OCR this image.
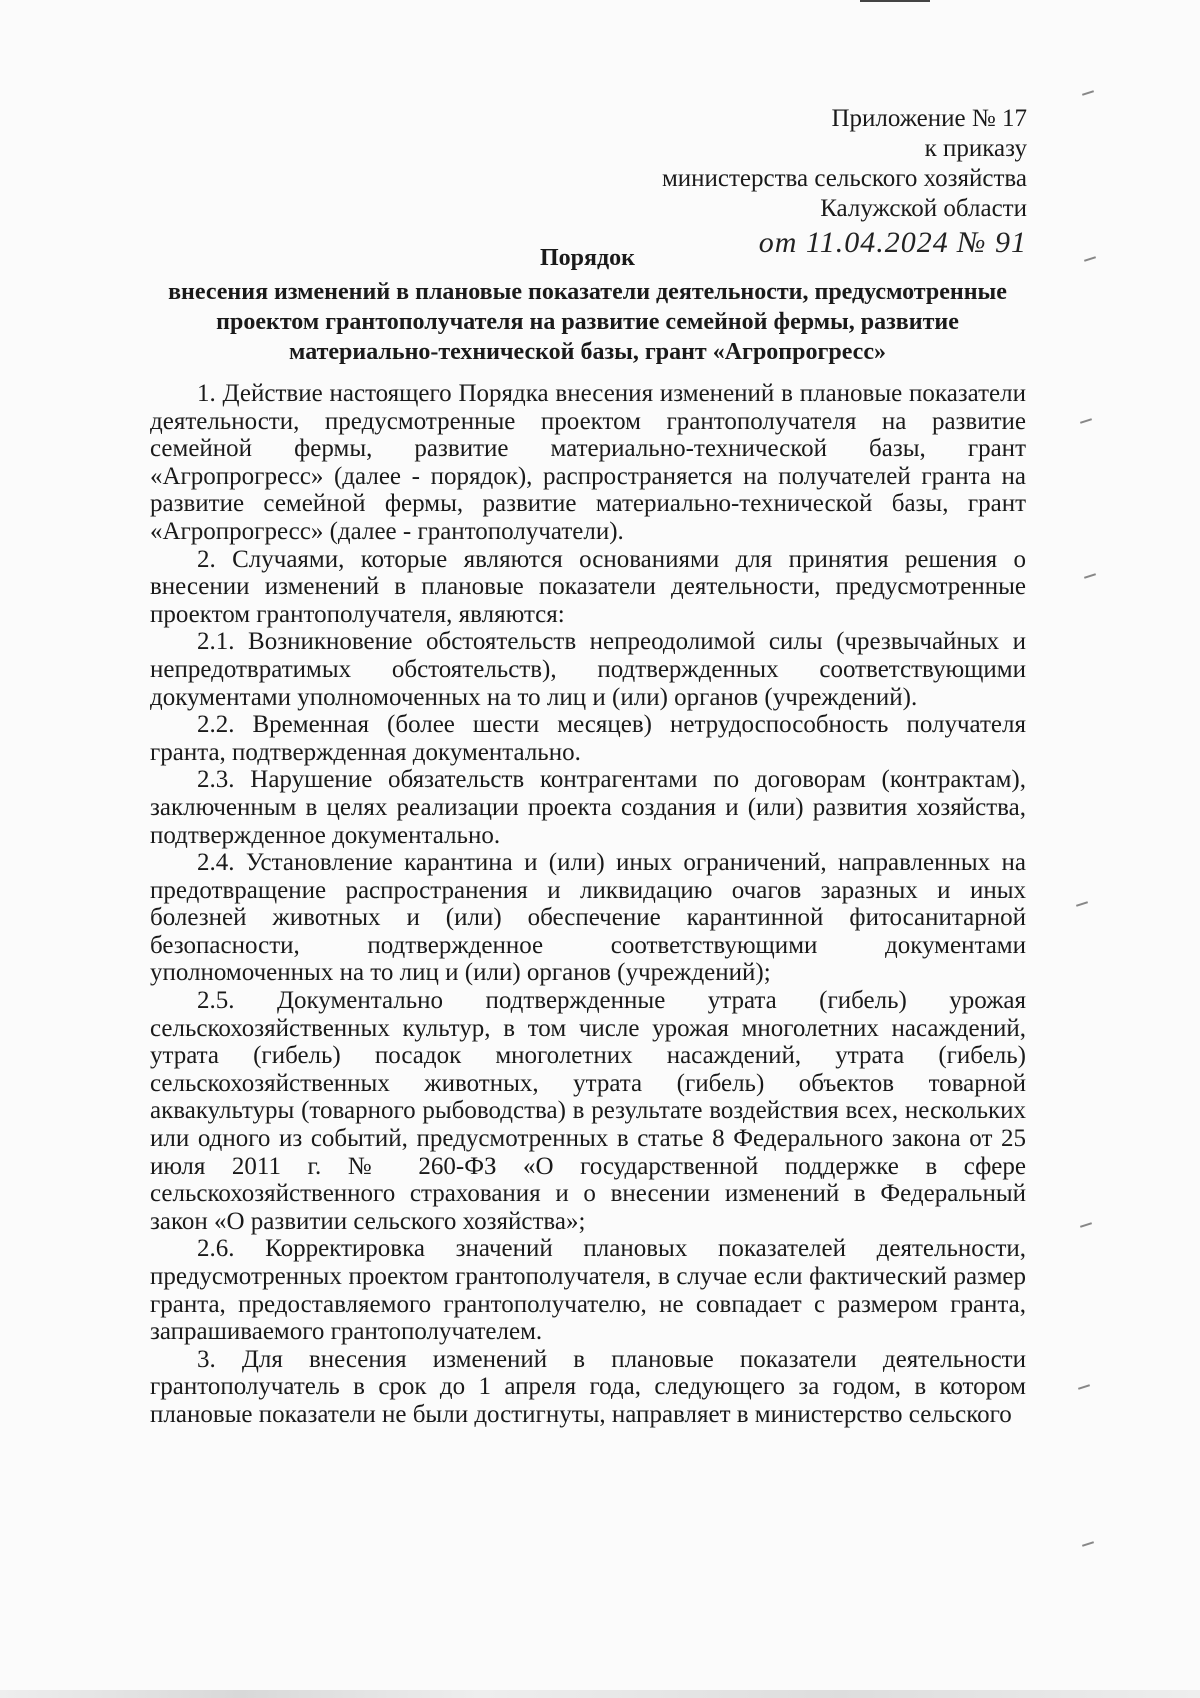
Приложение № 17
к приказу
министерства сельского хозяйства
Калужской области
от 11.04.2024 № 91
Порядок
внесения изменений в плановые показатели деятельности, предусмотренные
проектом грантополучателя на развитие семейной фермы, развитие
материально-технической базы, грант «Агропрогресс»

1. Действие настоящего Порядка внесения изменений в плановые показатели деятельности, предусмотренные проектом грантополучателя на развитие семейной фермы, развитие материально-технической базы, грант «Агропрогресс» (далее - порядок), распространяется на получателей гранта на развитие семейной фермы, развитие материально-технической базы, грант «Агропрогресс» (далее - грантополучатели).

2. Случаями, которые являются основаниями для принятия решения о внесении изменений в плановые показатели деятельности, предусмотренные проектом грантополучателя, являются:

2.1. Возникновение обстоятельств непреодолимой силы (чрезвычайных и непредотвратимых обстоятельств), подтвержденных соответствующими документами уполномоченных на то лиц и (или) органов (учреждений).

2.2. Временная (более шести месяцев) нетрудоспособность получателя гранта, подтвержденная документально.

2.3. Нарушение обязательств контрагентами по договорам (контрактам), заключенным в целях реализации проекта создания и (или) развития хозяйства, подтвержденное документально.

2.4. Установление карантина и (или) иных ограничений, направленных на предотвращение распространения и ликвидацию очагов заразных и иных болезней животных и (или) обеспечение карантинной фитосанитарной безопасности, подтвержденное соответствующими документами уполномоченных на то лиц и (или) органов (учреждений);

2.5. Документально подтвержденные утрата (гибель) урожая сельскохозяйственных культур, в том числе урожая многолетних насаждений, утрата (гибель) посадок многолетних насаждений, утрата (гибель) сельскохозяйственных животных, утрата (гибель) объектов товарной аквакультуры (товарного рыбоводства) в результате воздействия всех, нескольких или одного из событий, предусмотренных в статье 8 Федерального закона от 25 июля 2011 г. № 260-ФЗ «О государственной поддержке в сфере сельскохозяйственного страхования и о внесении изменений в Федеральный закон «О развитии сельского хозяйства»;

2.6. Корректировка значений плановых показателей деятельности, предусмотренных проектом грантополучателя, в случае если фактический размер гранта, предоставляемого грантополучателю, не совпадает с размером гранта, запрашиваемого грантополучателем.

3. Для внесения изменений в плановые показатели деятельности грантополучатель в срок до 1 апреля года, следующего за годом, в котором плановые показатели не были достигнуты, направляет в министерство сельского
